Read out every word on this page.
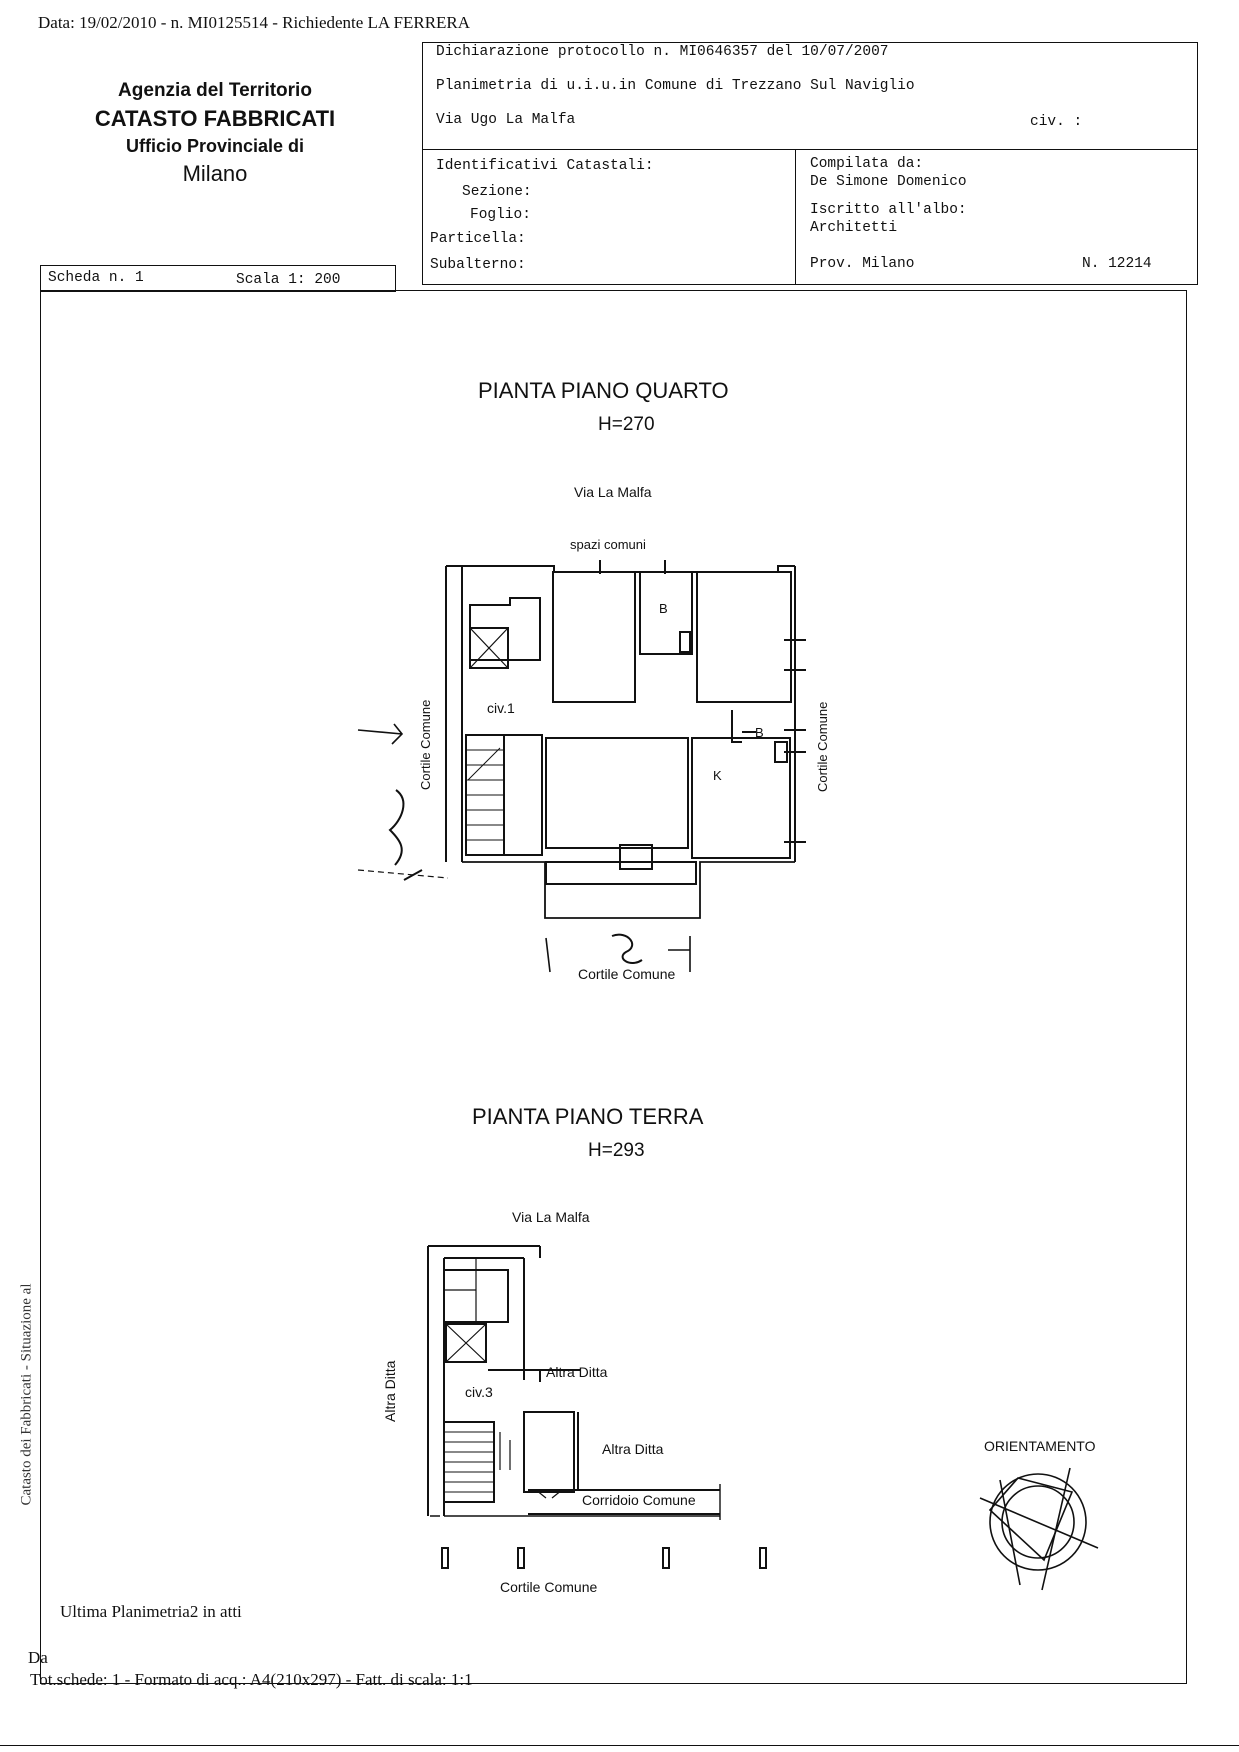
Data: 19/02/2010 - n. MI0125514 - Richiedente LA FERRERA
Agenzia del Territorio
CATASTO FABBRICATI
Ufficio Provinciale di
Milano
Dichiarazione protocollo n. MI0646357 del 10/07/2007
Planimetria di u.i.u.in Comune di Trezzano Sul Naviglio
Via Ugo La Malfa	civ. :
Identificativi Catastali:
Sezione:
Foglio:
Particella:
Subalterno:
Compilata da:
De Simone Domenico
Iscritto all'albo:
Architetti
Prov. Milano	N. 12214
Scheda n. 1	Scala 1: 200
PIANTA PIANO QUARTO
H=270
Via La Malfa
spazi comuni
civ.1
B
B
K
Cortile Comune	Cortile Comune
Cortile Comune
PIANTA PIANO TERRA
H=293
Via La Malfa
Altra Ditta	civ.3
Altra Ditta
Altra Ditta
Corridoio Comune
Cortile Comune
ORIENTAMENTO
Catasto dei Fabbricati - Situazione al
Ultima Planimetria2 in atti
Da
Tot.schede: 1 - Formato di acq.: A4(210x297) - Fatt. di scala: 1:1
